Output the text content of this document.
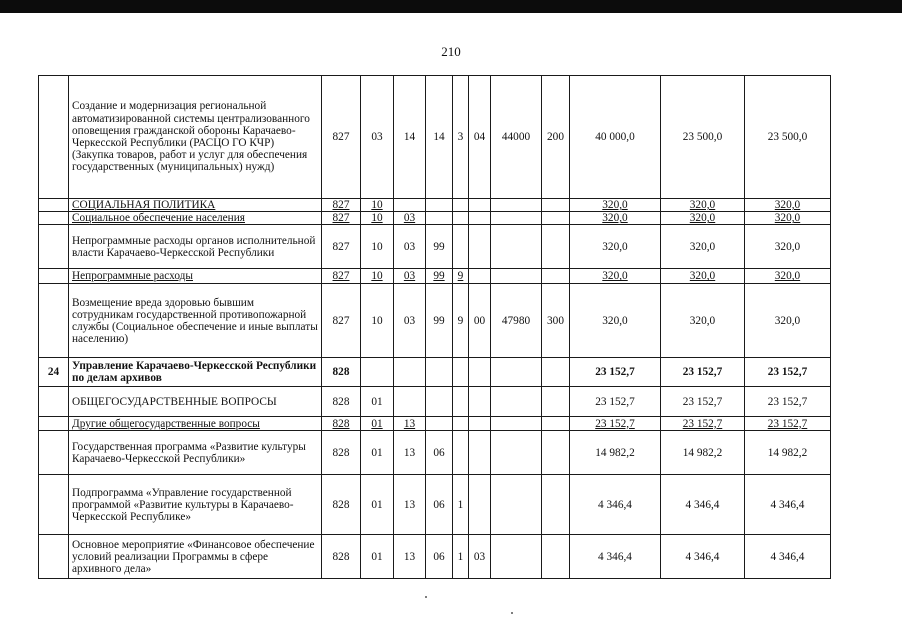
210
	Создание и модернизация региональной автоматизированной системы централизованного оповещения гражданской обороны Карачаево-Черкесской Республики (РАСЦО ГО КЧР) (Закупка товаров, работ и услуг для обеспечения государственных (муниципальных) нужд)	827	03	14	14	3	04	44000	200	40 000,0	23 500,0	23 500,0
	СОЦИАЛЬНАЯ ПОЛИТИКА	827	10							320,0	320,0	320,0
	Социальное обеспечение населения	827	10	03						320,0	320,0	320,0
	Непрограммные расходы органов исполнительной власти Карачаево-Черкесской Республики	827	10	03	99					320,0	320,0	320,0
	Непрограммные расходы	827	10	03	99	9				320,0	320,0	320,0
	Возмещение вреда здоровью бывшим сотрудникам государственной противопожарной службы (Социальное обеспечение и иные выплаты населению)	827	10	03	99	9	00	47980	300	320,0	320,0	320,0
24	Управление Карачаево-Черкесской Республики по делам архивов	828								23 152,7	23 152,7	23 152,7
	ОБЩЕГОСУДАРСТВЕННЫЕ ВОПРОСЫ	828	01							23 152,7	23 152,7	23 152,7
	Другие общегосударственные вопросы	828	01	13						23 152,7	23 152,7	23 152,7
	Государственная программа «Развитие культуры Карачаево-Черкесской Республики»	828	01	13	06					14 982,2	14 982,2	14 982,2
	Подпрограмма «Управление государственной программой «Развитие культуры в Карачаево-Черкесской Республике»	828	01	13	06	1				4 346,4	4 346,4	4 346,4
	Основное мероприятие «Финансовое обеспечение условий реализации Программы в сфере архивного дела»	828	01	13	06	1	03			4 346,4	4 346,4	4 346,4
